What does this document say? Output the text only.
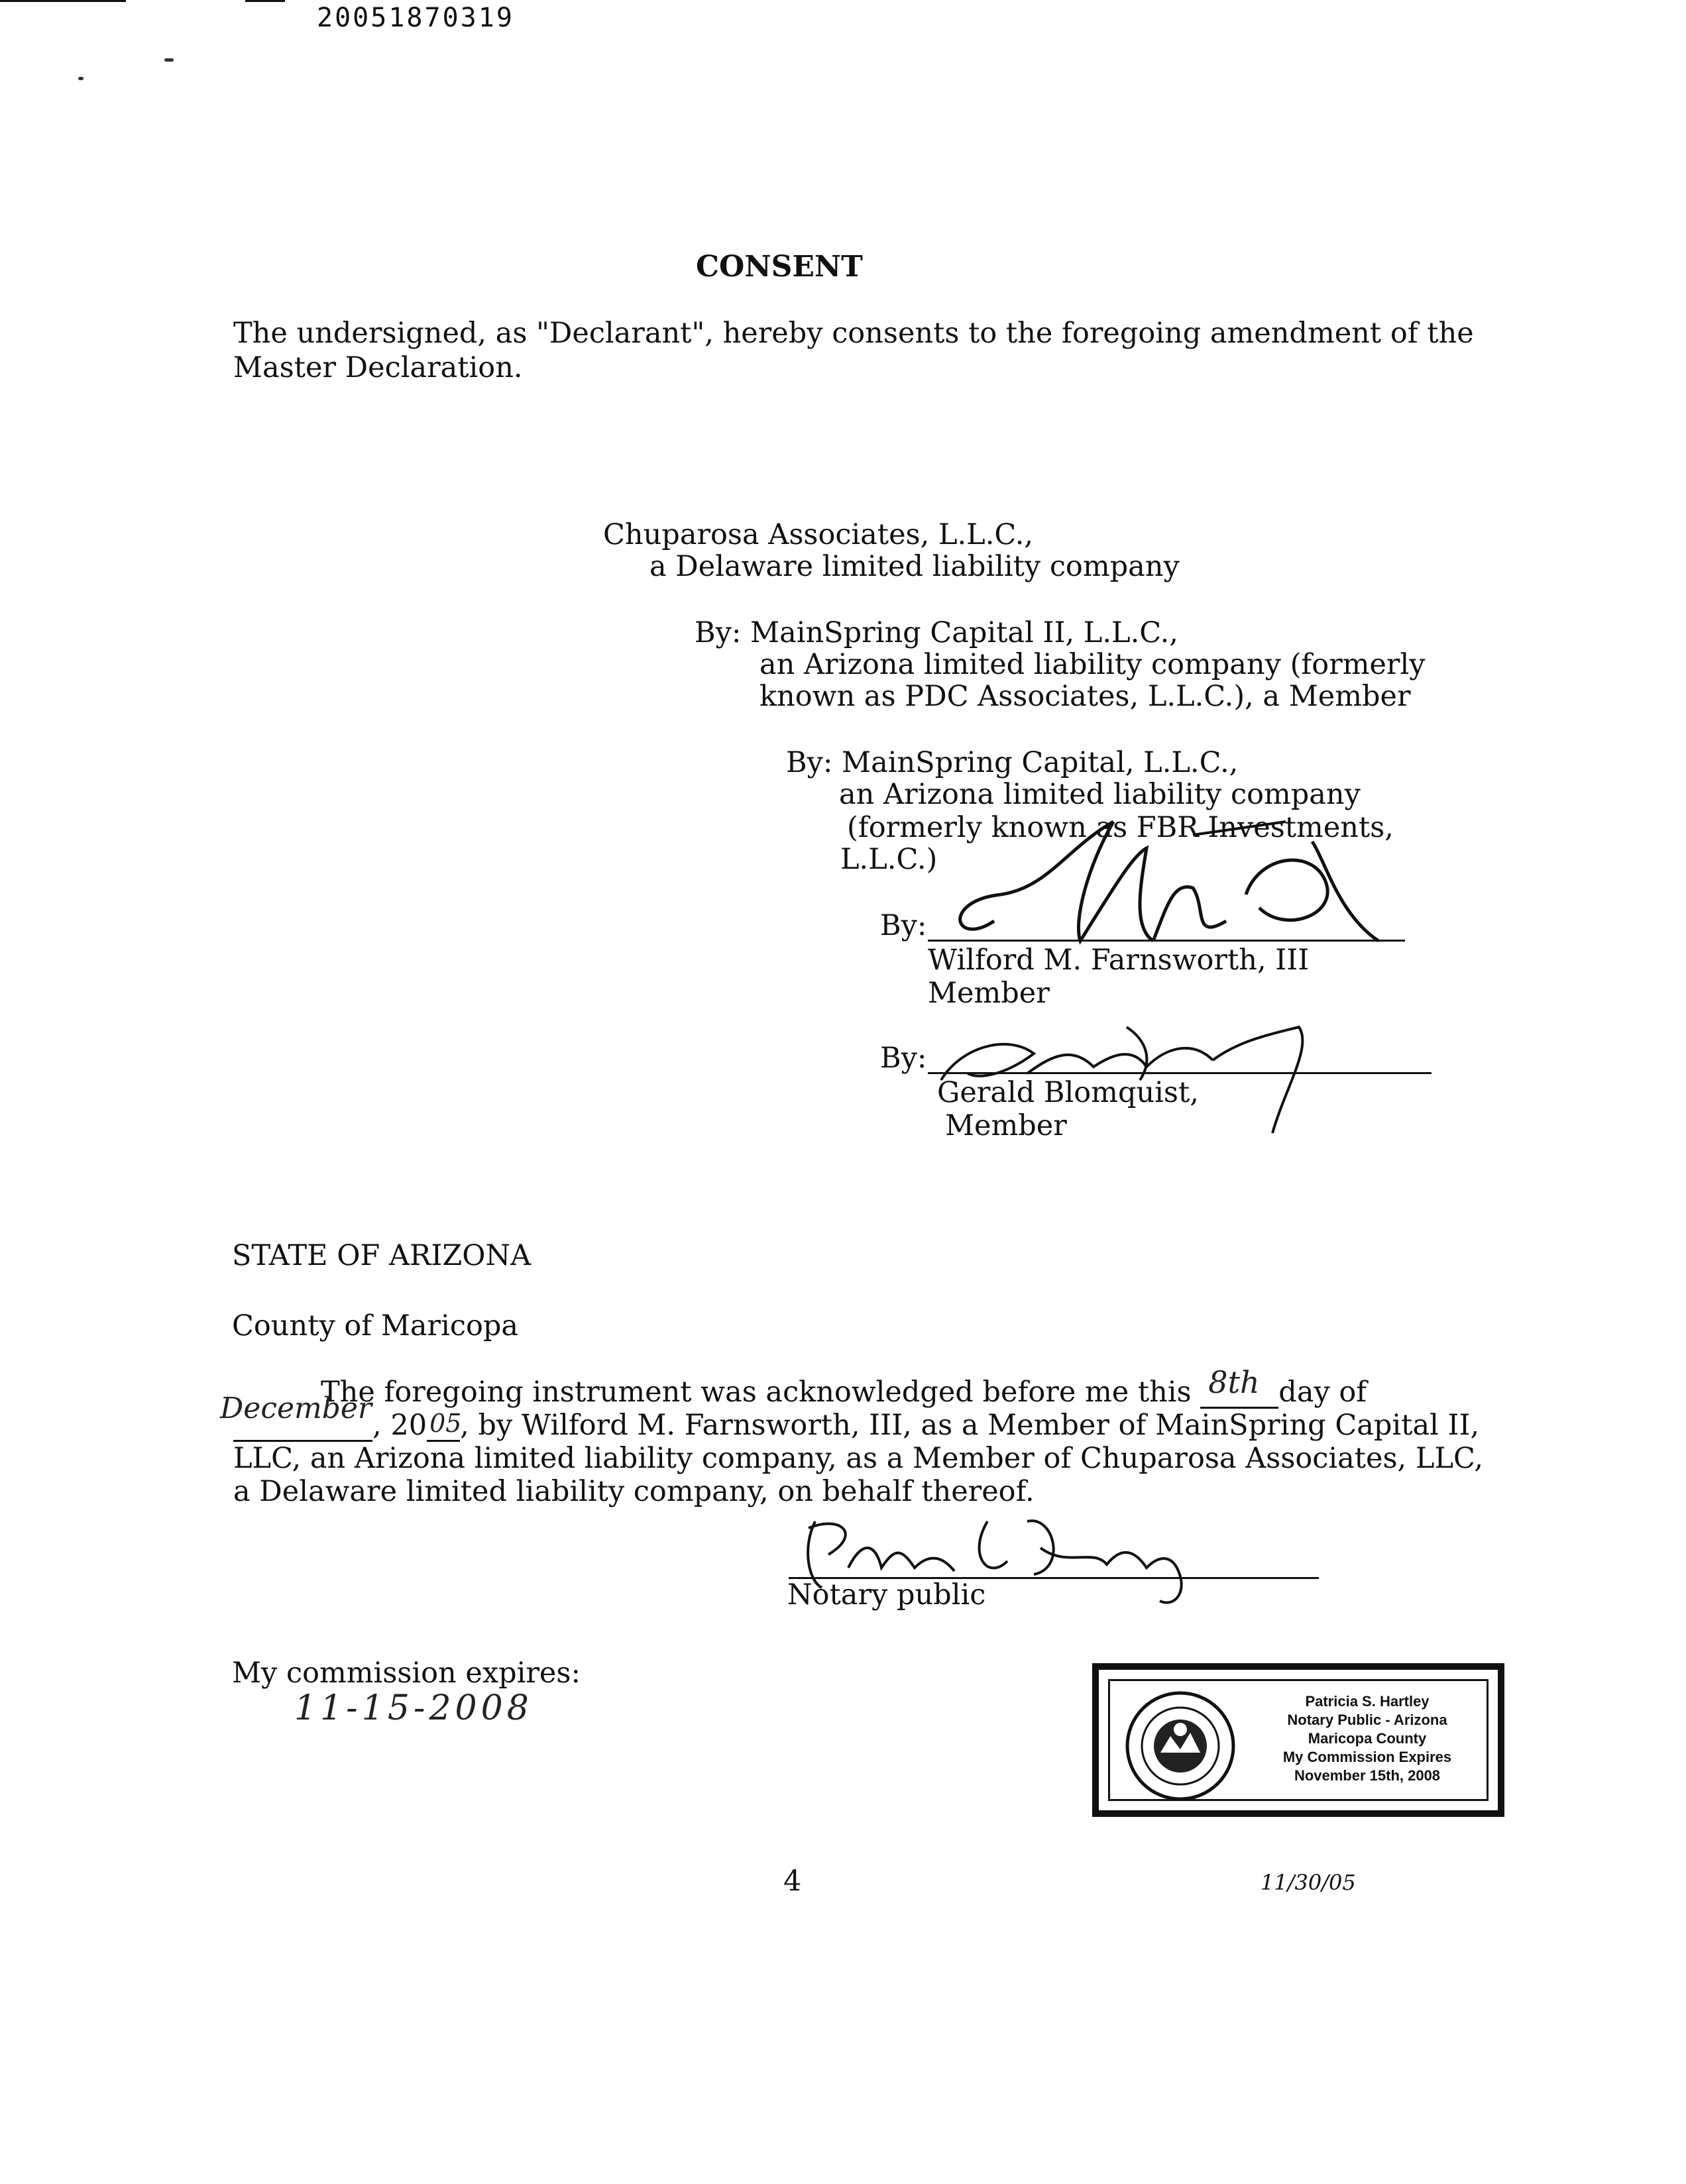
20051870319
CONSENT
The undersigned, as "Declarant", hereby consents to the foregoing amendment of the
Master Declaration.
Chuparosa Associates, L.L.C.,
a Delaware limited liability company
By: MainSpring Capital II, L.L.C.,
an Arizona limited liability company (formerly
known as PDC Associates, L.L.C.), a Member
By: MainSpring Capital, L.L.C.,
an Arizona limited liability company
(formerly known as FBR Investments,
L.L.C.)
By:
Wilford M. Farnsworth, III
Member
By:
Gerald Blomquist,
Member
STATE OF ARIZONA
County of Maricopa
The foregoing instrument was acknowledged before me this 8th day of
December , 20 05
, by Wilford M. Farnsworth, III, as a Member of MainSpring Capital II,
LLC, an Arizona limited liability company, as a Member of Chuparosa Associates, LLC,
a Delaware limited liability company, on behalf thereof.
Notary public
My commission expires:
11-15-2008	Patricia S. Hartley
Notary Public - Arizona
Maricopa County
My Commission Expires
November 15th, 2008
4	11/30/05
